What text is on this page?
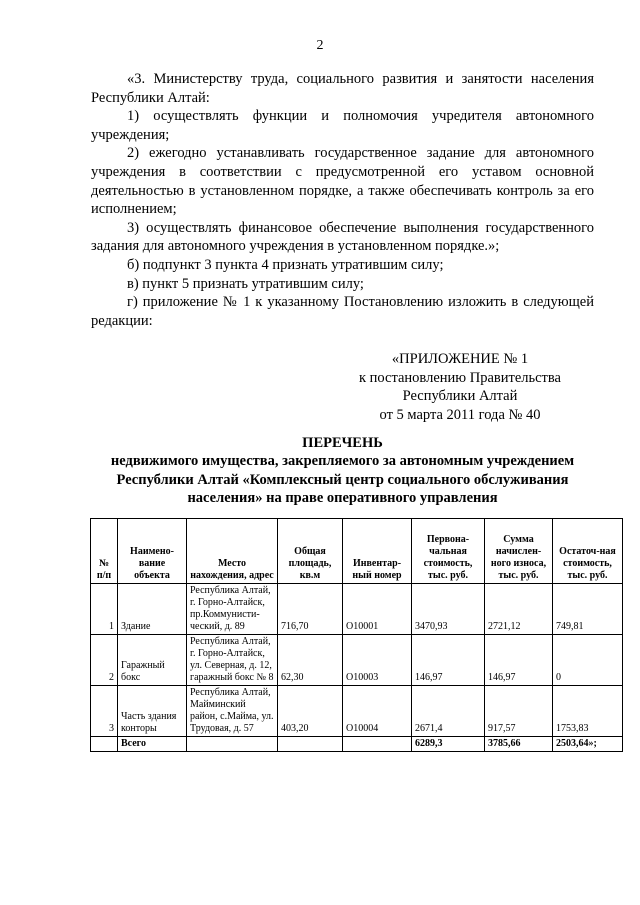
2

«3. Министерству труда, социального развития и занятости населения Республики Алтай:

1) осуществлять функции и полномочия учредителя автономного учреждения;

2) ежегодно устанавливать государственное задание для автономного учреждения в соответствии с предусмотренной его уставом основной деятельностью в установленном порядке, а также обеспечивать контроль за его исполнением;

3) осуществлять финансовое обеспечение выполнения государственного задания для автономного учреждения в установленном порядке.»;

б) подпункт 3 пункта 4 признать утратившим силу;

в) пункт 5 признать утратившим силу;

г) приложение № 1 к указанному Постановлению изложить в следующей редакции:

«ПРИЛОЖЕНИЕ № 1
к постановлению Правительства
Республики Алтай
от 5 марта 2011 года № 40
ПЕРЕЧЕНЬ
недвижимого имущества, закрепляемого за автономным учреждением
Республики Алтай «Комплексный центр социального обслуживания
населения» на праве оперативного управления
№ п/п	Наимено-вание объекта	Место нахождения, адрес	Общая площадь, кв.м	Инвентар-ный номер	Первона-чальная стоимость, тыс. руб.	Сумма начислен-ного износа, тыс. руб.	Остаточ-ная стоимость, тыс. руб.
1	Здание	Республика Алтай, г. Горно-Алтайск, пр.Коммунисти-ческий, д. 89	716,70	О10001	3470,93	2721,12	749,81
2	Гаражный бокс	Республика Алтай, г. Горно-Алтайск, ул. Северная, д. 12, гаражный бокс № 8	62,30	О10003	146,97	146,97	0
3	Часть здания конторы	Республика Алтай, Майминский район, с.Майма, ул. Трудовая, д. 57	403,20	О10004	2671,4	917,57	1753,83
	Всего				6289,3	3785,66	2503,64»;
